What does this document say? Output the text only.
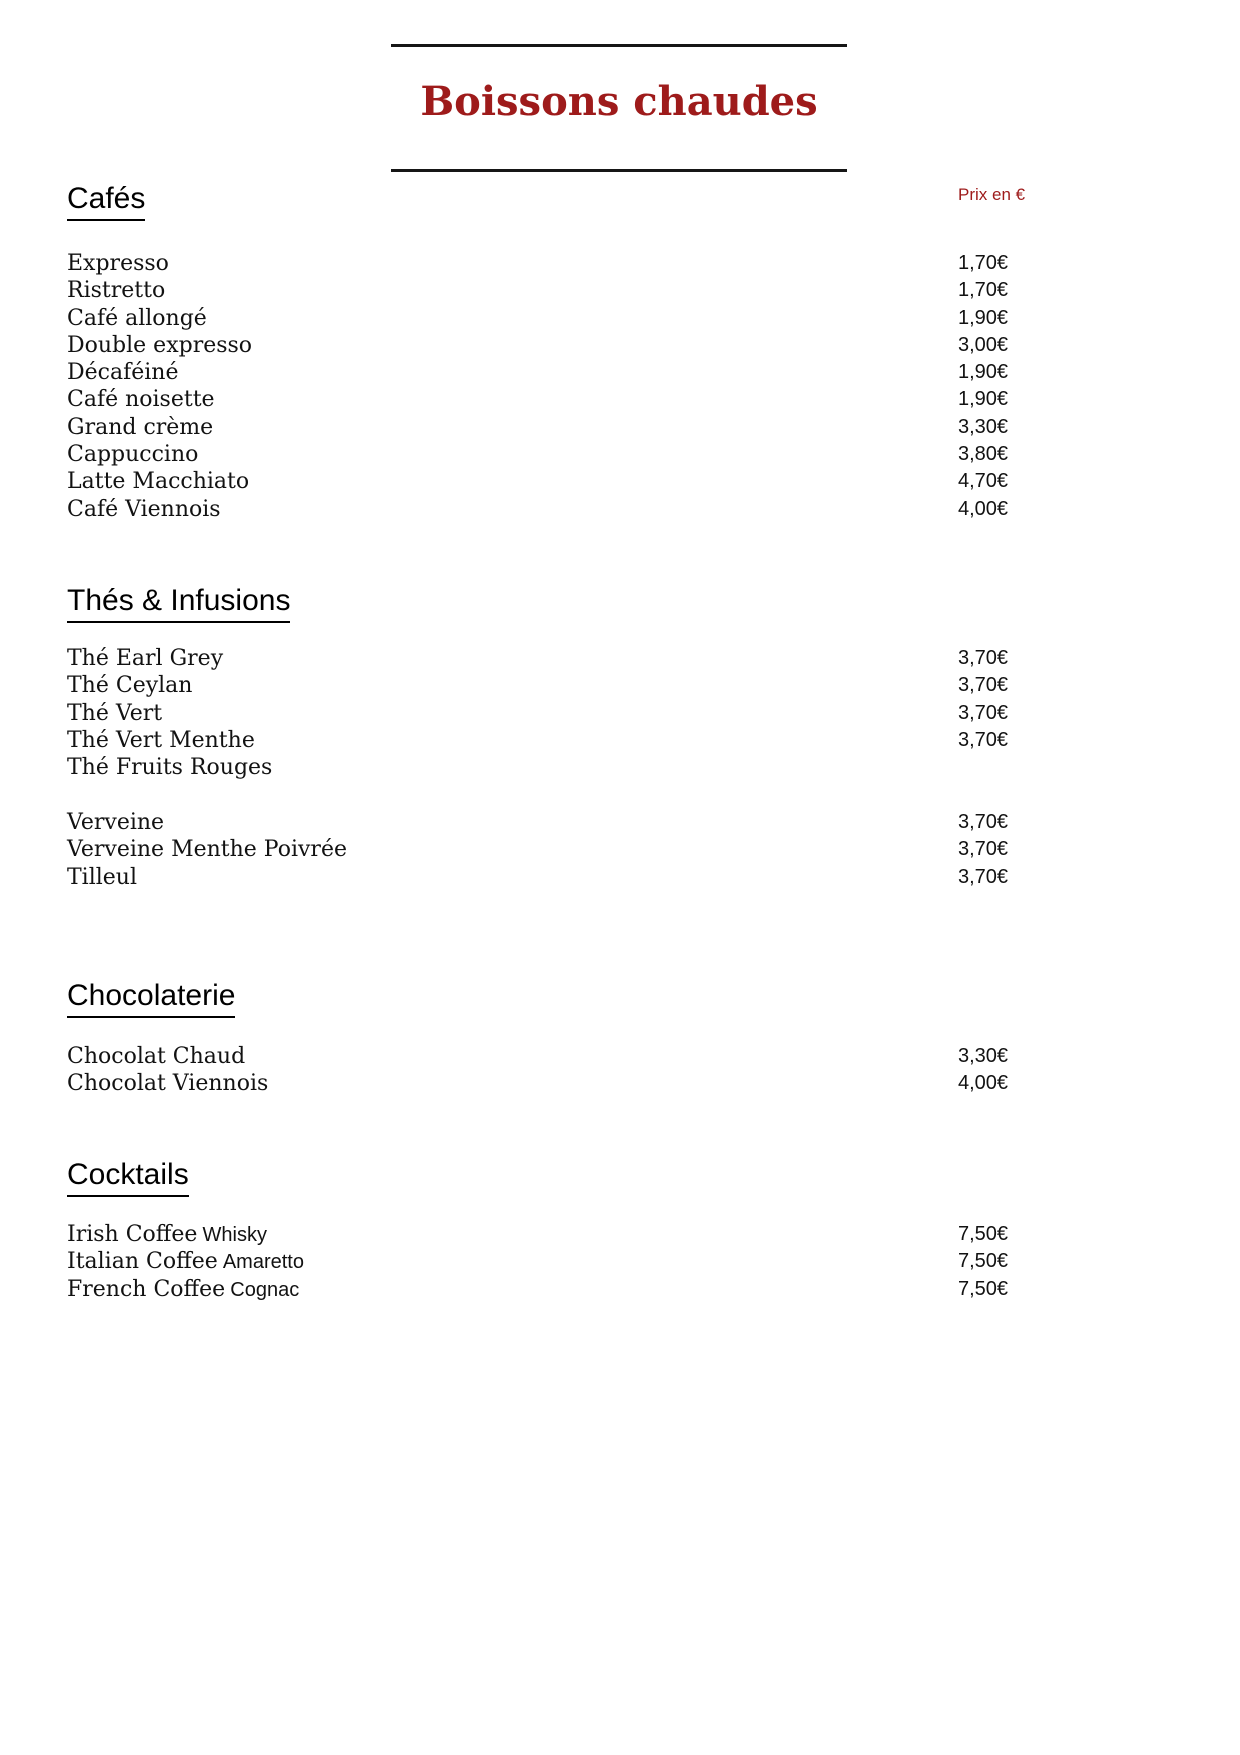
Boissons chaudes
Prix en €
Cafés
Expresso	1,70€
Ristretto	1,70€
Café allongé	1,90€
Double expresso	3,00€
Décaféiné	1,90€
Café noisette	1,90€
Grand crème	3,30€
Cappuccino	3,80€
Latte Macchiato	4,70€
Café Viennois	4,00€
Thés & Infusions
Thé Earl Grey	3,70€
Thé Ceylan	3,70€
Thé Vert	3,70€
Thé Vert Menthe	3,70€
Thé Fruits Rouges
Verveine	3,70€
Verveine Menthe Poivrée	3,70€
Tilleul	3,70€
Chocolaterie
Chocolat Chaud	3,30€
Chocolat Viennois	4,00€
Cocktails
Irish Coffee Whisky	7,50€
Italian Coffee Amaretto	7,50€
French Coffee Cognac	7,50€
